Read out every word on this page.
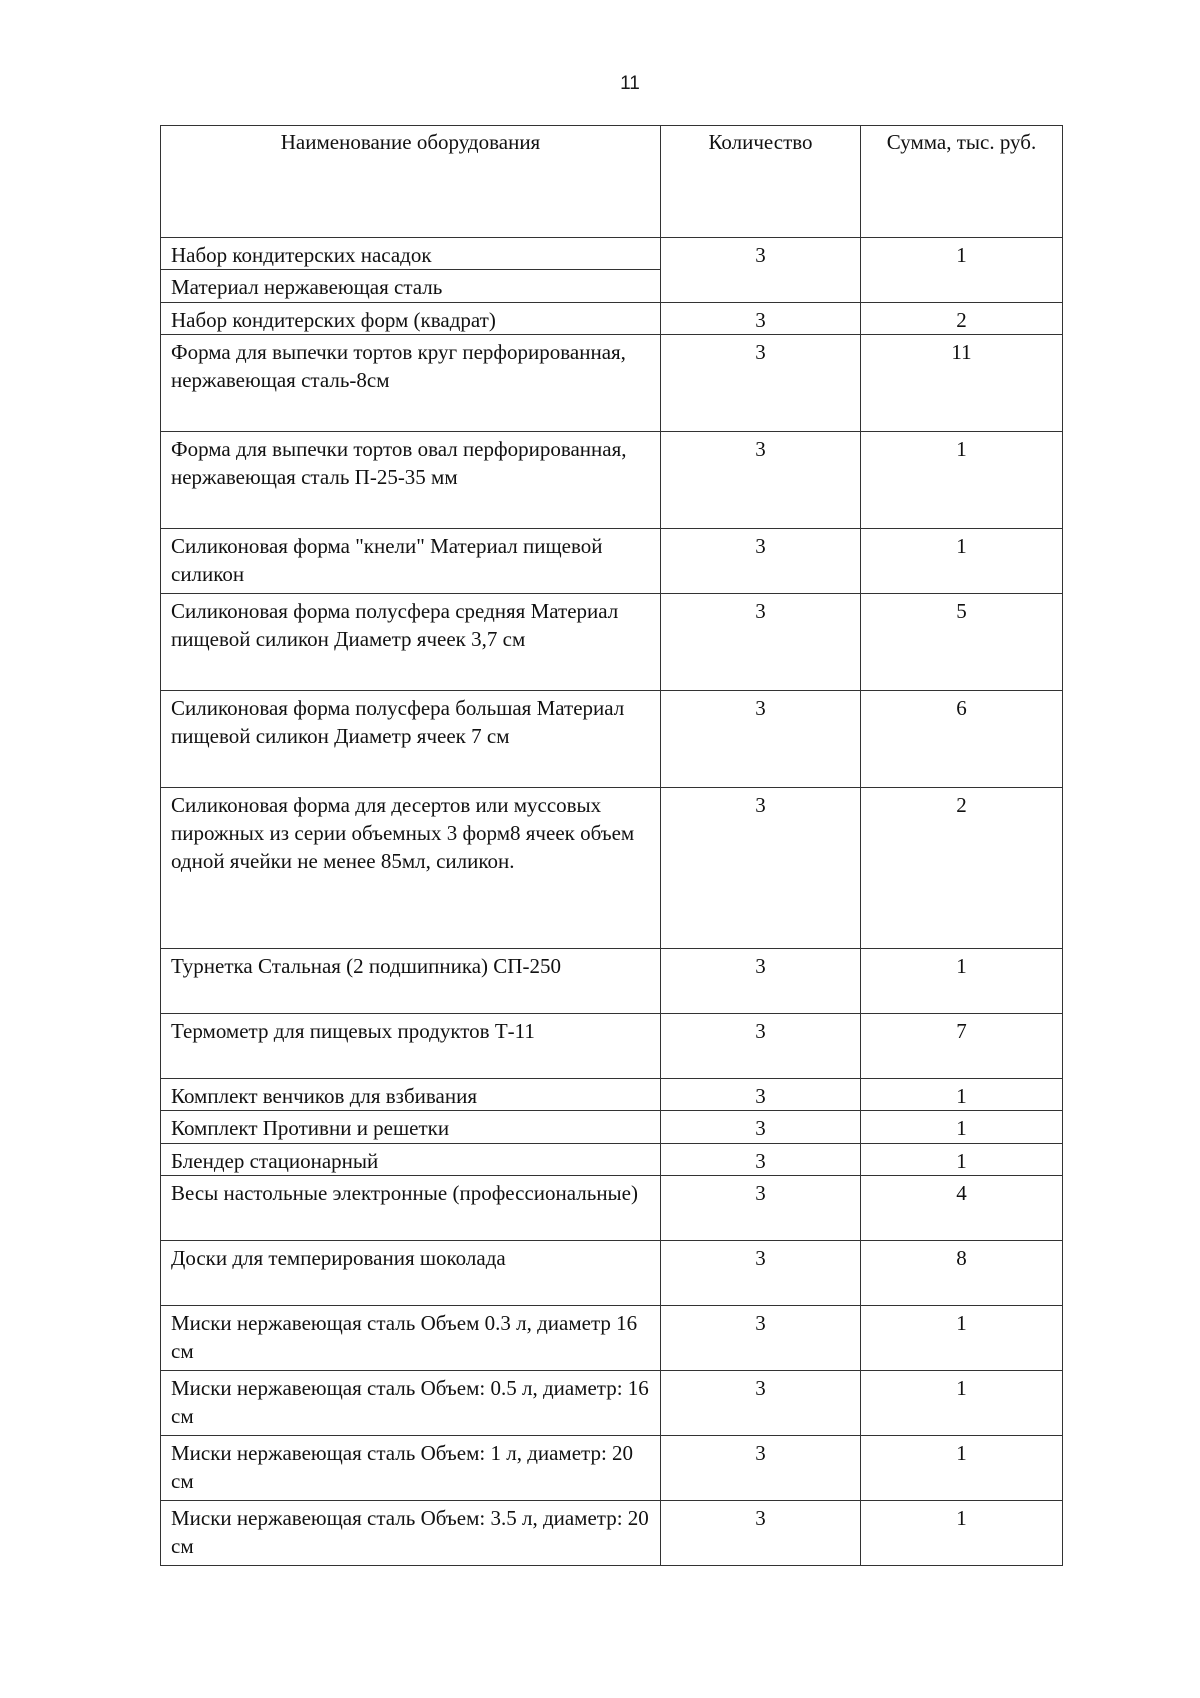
11
Наименование оборудования	Количество	Сумма, тыс. руб.
Набор кондитерских насадок	3	1
Материал нержавеющая сталь		
Набор кондитерских форм (квадрат)	3	2
Форма для выпечки тортов круг перфорированная, нержавеющая сталь-8см	3	11
Форма для выпечки тортов овал перфорированная, нержавеющая сталь П-25-35 мм	3	1
Силиконовая форма "кнели" Материал пищевой силикон	3	1
Силиконовая форма полусфера средняя Материал пищевой силикон Диаметр ячеек 3,7 см	3	5
Силиконовая форма полусфера большая Материал пищевой силикон Диаметр ячеек 7 см	3	6
Силиконовая форма для десертов или муссовых пирожных из серии объемных 3 форм8 ячеек объем одной ячейки не менее 85мл, силикон.	3	2
Турнетка Стальная (2 подшипника) СП-250	3	1
Термометр для пищевых продуктов Т-11	3	7
Комплект венчиков для взбивания	3	1
Комплект Противни и решетки	3	1
Блендер стационарный	3	1
Весы настольные электронные (профессиональные)	3	4
Доски для темперирования шоколада	3	8
Миски нержавеющая сталь Объем 0.3 л, диаметр 16 см	3	1
Миски нержавеющая сталь Объем: 0.5 л, диаметр: 16 см	3	1
Миски нержавеющая сталь Объем: 1 л, диаметр: 20 см	3	1
Миски нержавеющая сталь Объем: 3.5 л, диаметр: 20 см	3	1
